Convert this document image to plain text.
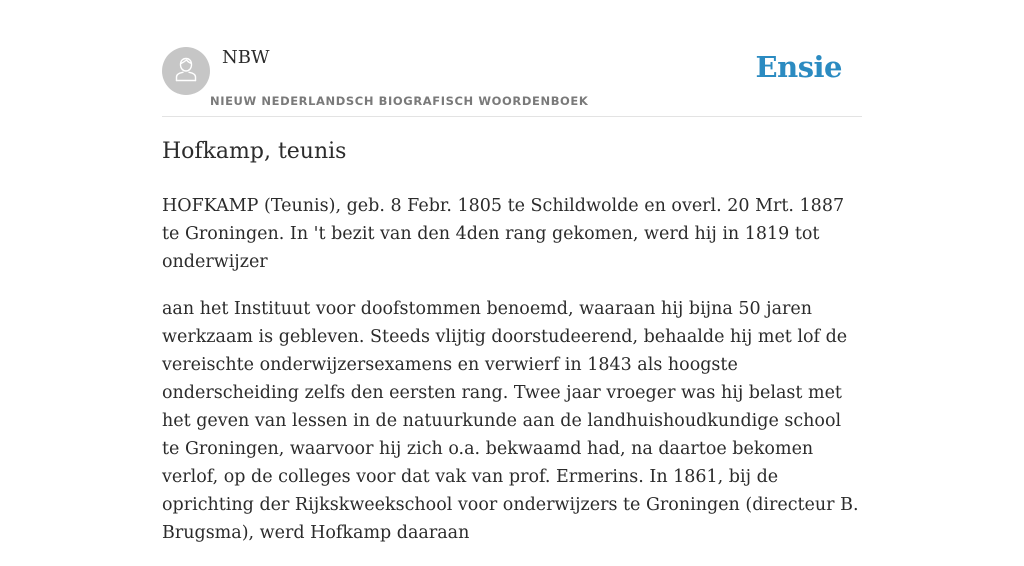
NBW
NIEUW NEDERLANDSCH BIOGRAFISCH WOORDENBOEK
Ensie
Hofkamp, teunis

HOFKAMP (Teunis), geb. 8 Febr. 1805 te Schildwolde en overl. 20 Mrt. 1887 te Groningen. In 't bezit van den 4den rang gekomen, werd hij in 1819 tot onderwijzer

aan het Instituut voor doofstommen benoemd, waaraan hij bijna 50 jaren werkzaam is gebleven. Steeds vlijtig doorstudeerend, behaalde hij met lof de vereischte onderwijzersexamens en verwierf in 1843 als hoogste onderscheiding zelfs den eersten rang. Twee jaar vroeger was hij belast met het geven van lessen in de natuurkunde aan de landhuishoudkundige school te Groningen, waarvoor hij zich o.a. bekwaamd had, na daartoe bekomen verlof, op de colleges voor dat vak van prof. Ermerins. In 1861, bij de oprichting der Rijkskweekschool voor onderwijzers te Groningen (directeur B. Brugsma), werd Hofkamp daaraan
